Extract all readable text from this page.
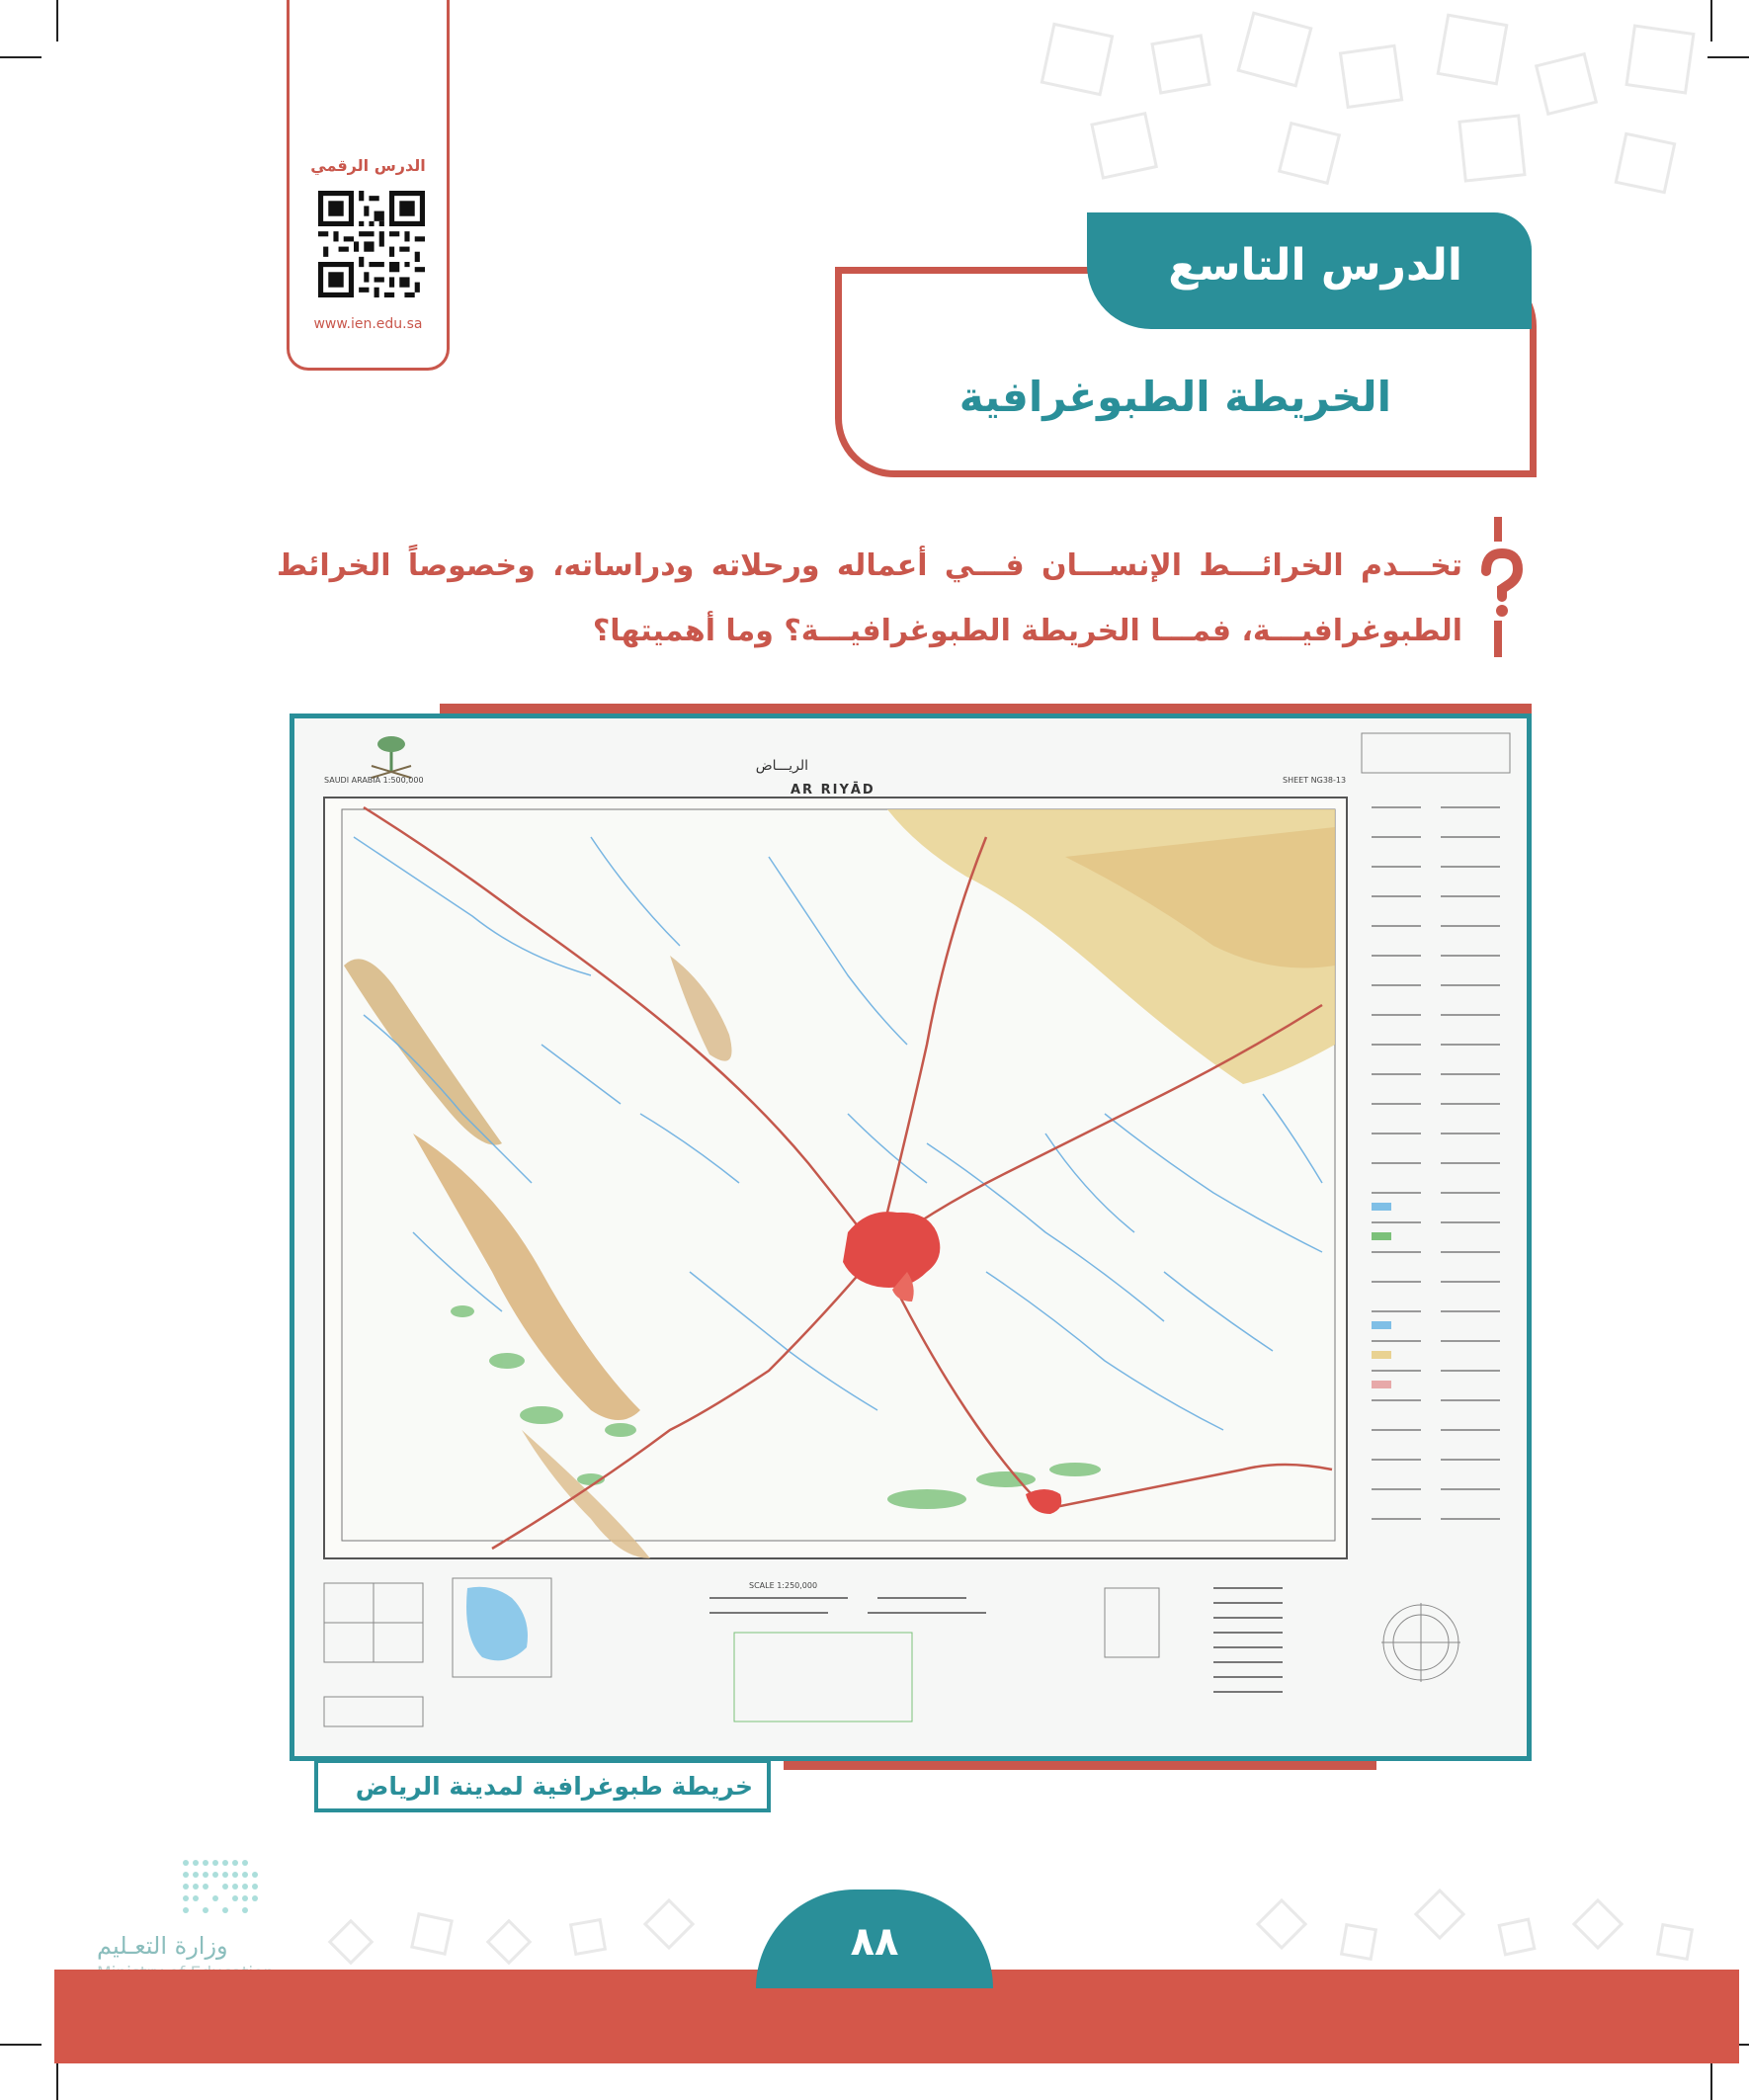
الدرس الرقمي
www.ien.edu.sa
الخريطة الطبوغرافية
الدرس التاسع
تخـــدم الخرائـــط الإنســـان فـــي أعماله ورحلاته ودراساته، وخصوصاً الخرائط الطبوغرافيـــة، فمـــا الخريطة الطبوغرافيـــة؟ وما أهميتها؟
SAUDI ARABIA 1:500,000
الريـــاض
AR RIYĀD
SHEET NG38-13
SCALE 1:250,000
خريطة طبوغرافية لمدينة الرياض
وزارة التعـليم	٨٨
